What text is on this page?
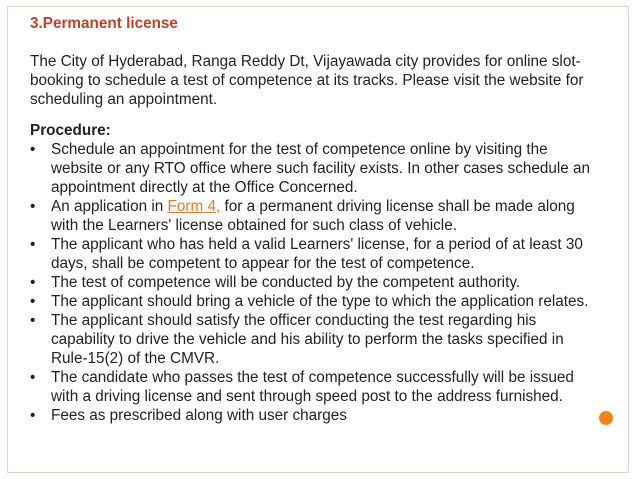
3.Permanent license
The City of Hyderabad, Ranga Reddy Dt, Vijayawada city provides for online slot- booking to schedule a test of competence at its tracks. Please visit the website for scheduling an appointment.
Procedure:
•	Schedule an appointment for the test of competence online by visiting the website or any RTO office where such facility exists. In other cases schedule an appointment directly at the Office Concerned.
•	An application in Form 4, for a permanent driving license shall be made along with the Learners' license obtained for such class of vehicle.
•	The applicant who has held a valid Learners' license, for a period of at least 30 days, shall be competent to appear for the test of competence.
•	The test of competence will be conducted by the competent authority.
•	The applicant should bring a vehicle of the type to which the application relates.
•	The applicant should satisfy the officer conducting the test regarding his capability to drive the vehicle and his ability to perform the tasks specified in Rule-15(2) of the CMVR.
•	The candidate who passes the test of competence successfully will be issued with a driving license and sent through speed post to the address furnished.
•	Fees as prescribed along with user charges
